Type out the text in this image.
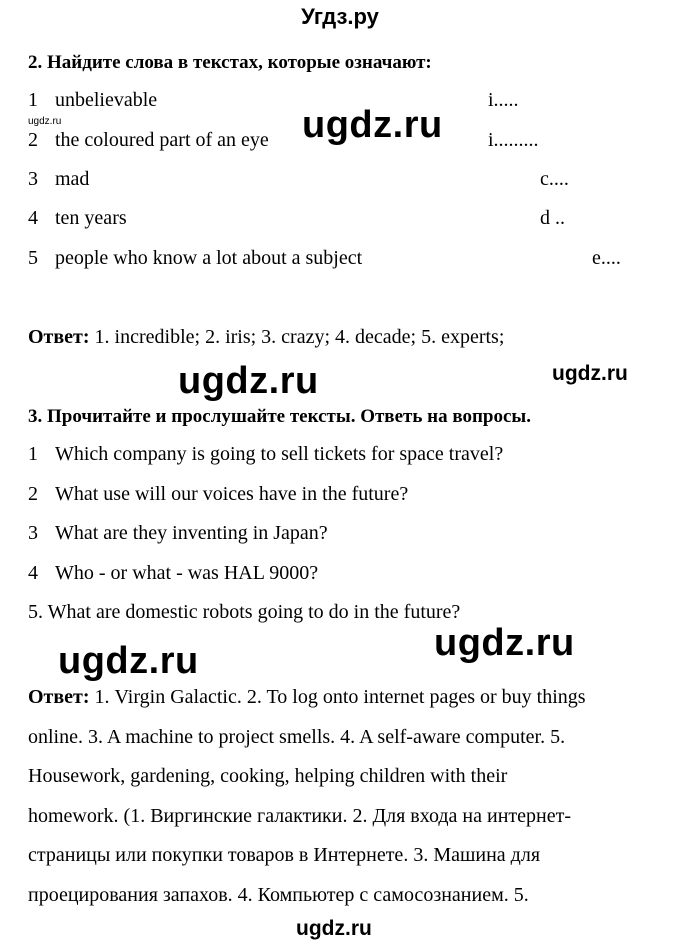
Угдз.ру
2. Найдите слова в текстах, которые означают:
1 unbelievable	i.....
ugdz.ru
2 the coloured part of an eye	i.........
ugdz.ru
3 mad	c....
4 ten years	d ..
5 people who know a lot about a subject	e....
Ответ: 1. incredible; 2. iris; 3. crazy; 4. decade; 5. experts;
ugdz.ru	ugdz.ru
3. Прочитайте и прослушайте тексты. Ответь на вопросы.
1 Which company is going to sell tickets for space travel?
2 What use will our voices have in the future?
3 What are they inventing in Japan?
4 Who - or what - was HAL 9000?
5. What are domestic robots going to do in the future?
ugdz.ru
ugdz.ru
Ответ: 1. Virgin Galactic. 2. To log onto internet pages or buy things
online. 3. A machine to project smells. 4. A self-aware computer. 5.
Housework, gardening, cooking, helping children with their
homework. (1. Виргинские галактики. 2. Для входа на интернет-
страницы или покупки товаров в Интернете. 3. Машина для
проецирования запахов. 4. Компьютер с самосознанием. 5.
ugdz.ru
